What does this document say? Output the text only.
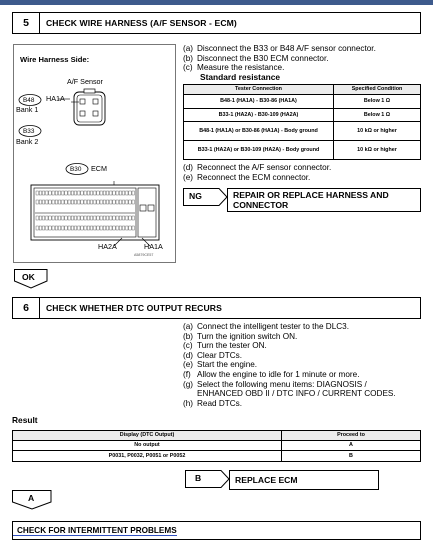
5	CHECK WIRE HARNESS (A/F SENSOR - ECM)
Wire Harness Side:
A/F Sensor
B48
Bank 1
B33
Bank 2
HA1A
B30 ECM
HA2A	HA1A
A5879CE57
(a) Disconnect the B33 or B48 A/F sensor connector.
(b) Disconnect the B30 ECM connector.
(c) Measure the resistance.
Standard resistance
Tester Connection	Specified Condition
B48-1 (HA1A) - B30-86 (HA1A)	Below 1 Ω
B33-1 (HA2A) - B30-109 (HA2A)	Below 1 Ω
B48-1 (HA1A) or B30-86 (HA1A) - Body ground	10 kΩ or higher
B33-1 (HA2A) or B30-109 (HA2A) - Body ground	10 kΩ or higher
(d) Reconnect the A/F sensor connector.
(e) Reconnect the ECM connector.
NG	REPAIR OR REPLACE HARNESS AND
CONNECTOR
OK
6	CHECK WHETHER DTC OUTPUT RECURS
(a) Connect the intelligent tester to the DLC3.
(b) Turn the ignition switch ON.
(c) Turn the tester ON.
(d) Clear DTCs.
(e) Start the engine.
(f) Allow the engine to idle for 1 minute or more.
(g) Select the following menu items: DIAGNOSIS /
ENHANCED OBD II / DTC INFO / CURRENT CODES.
(h) Read DTCs.
Result
Display (DTC Output)	Proceed to
No output	A
P0031, P0032, P0051 or P0052	B
B	REPLACE ECM
A
CHECK FOR INTERMITTENT PROBLEMS
